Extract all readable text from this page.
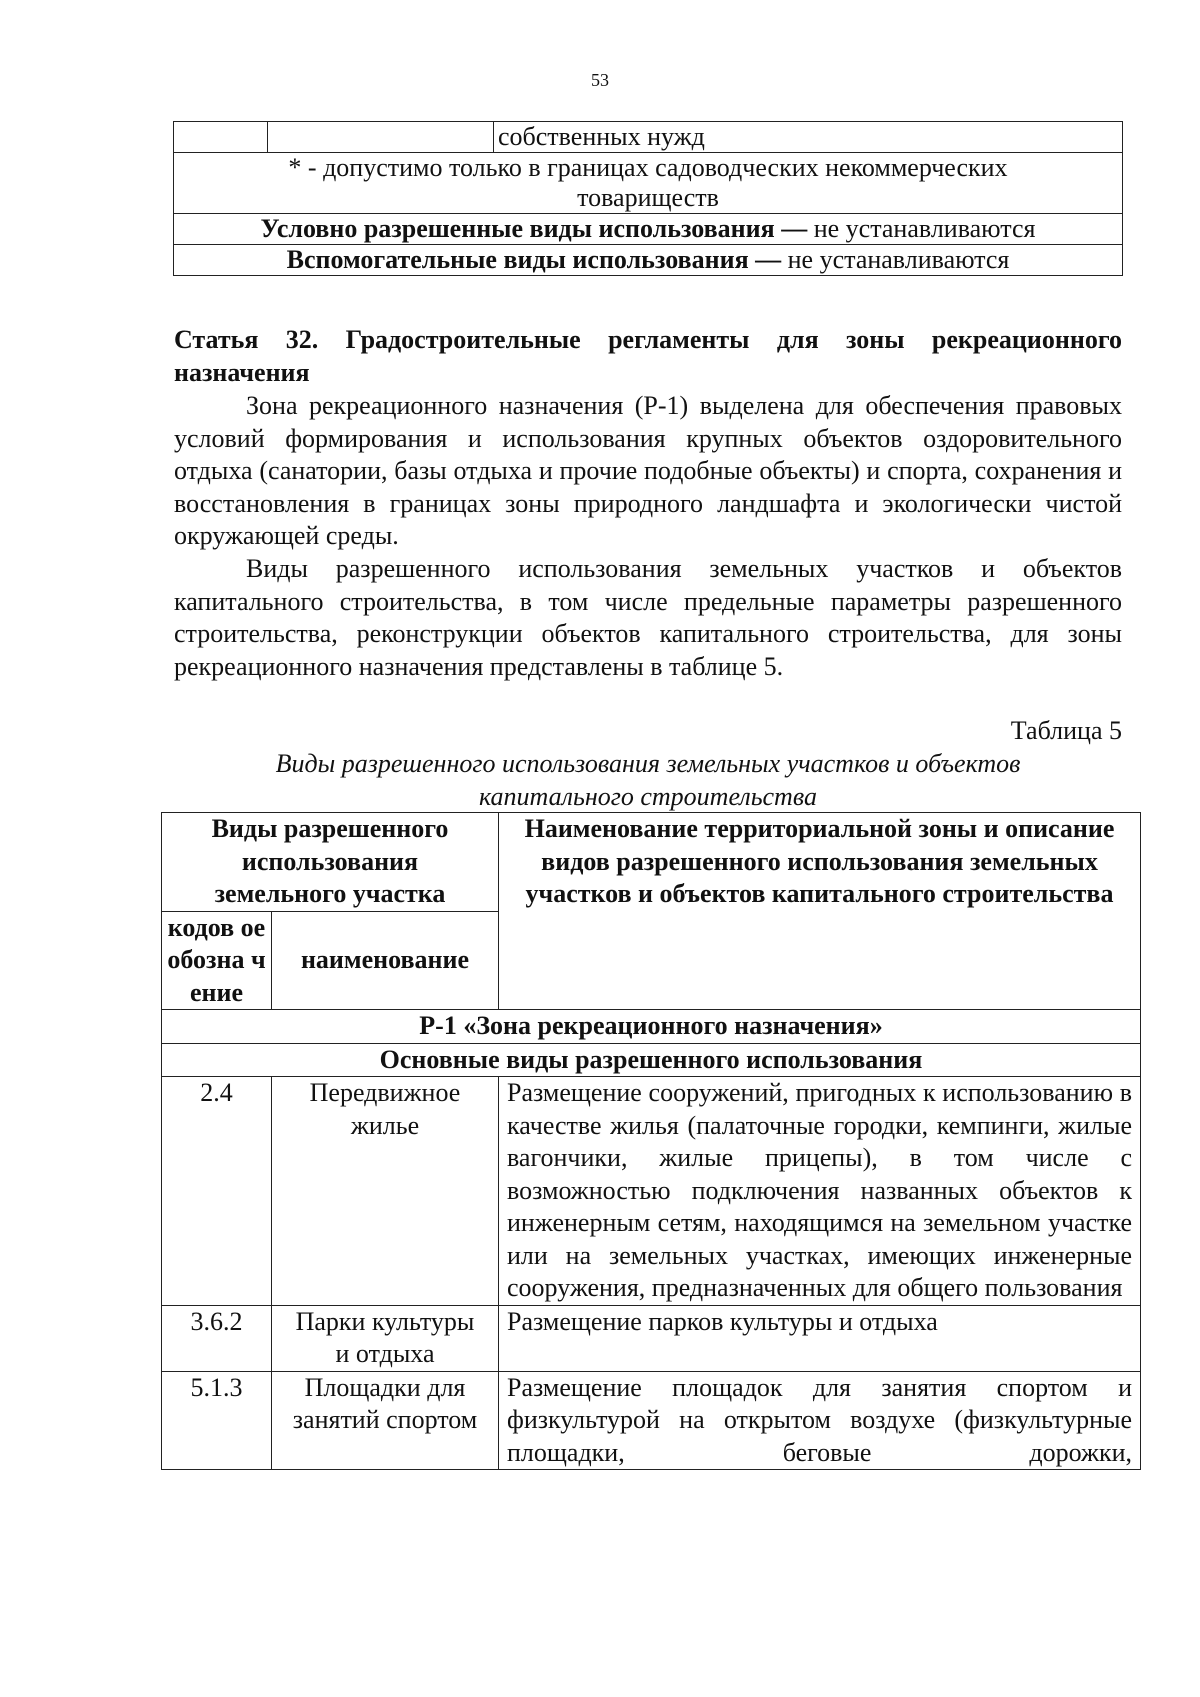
53
		собственных нужд

* - допустимо только в границах садоводческих некоммерческих товариществ

Условно разрешенные виды использования — не устанавливаются
Вспомогательные виды использования — не устанавливаются
Статья 32. Градостроительные регламенты для зоны рекреационного назначения
Зона рекреационного назначения (Р-1) выделена для обеспечения правовых условий формирования и использования крупных объектов оздоровительного отдыха (санатории, базы отдыха и прочие подобные объекты) и спорта, сохранения и восстановления в границах зоны природного ландшафта и экологически чистой окружающей среды.
Виды разрешенного использования земельных участков и объектов капитального строительства, в том числе предельные параметры разрешенного строительства, реконструкции объектов капитального строительства, для зоны рекреационного назначения представлены в таблице 5.
Таблица 5
Виды разрешенного использования земельных участков и объектов капитального строительства
Виды разрешенного использования земельного участка		Наименование территориальной зоны и описание видов разрешенного использования земельных участков и объектов капитального строительства

кодов ое обозна чение	наименование	
Р-1 «Зона рекреационного назначения»		
Основные виды разрешенного использования		
2.4	Передвижное жилье	Размещение сооружений, пригодных к использованию в качестве жилья (палаточные городки, кемпинги, жилые вагончики, жилые прицепы), в том числе с возможностью подключения названных объектов к инженерным сетям, находящимся на земельном участке или на земельных участках, имеющих инженерные сооружения, предназначенных для общего пользования
3.6.2	Парки культуры и отдыха	Размещение парков культуры и отдыха
5.1.3	Площадки для занятий спортом	Размещение площадок для занятия спортом и физкультурой на открытом воздухе (физкультурные площадки, беговые дорожки,
